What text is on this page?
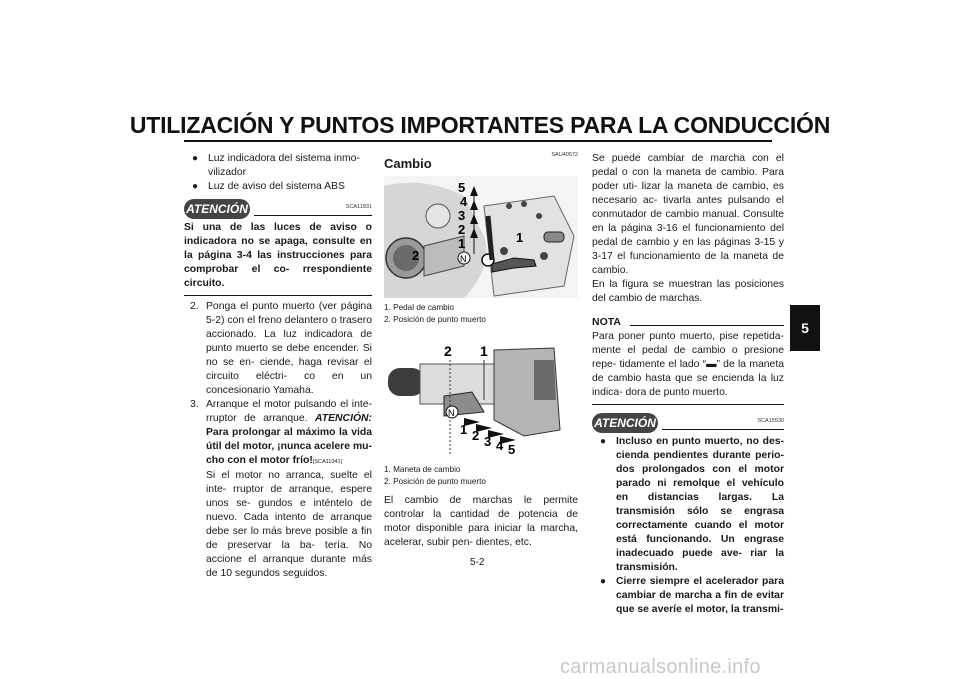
UTILIZACIÓN Y PUNTOS IMPORTANTES PARA LA CONDUCCIÓN
5

● Luz indicadora del sistema inmo- vilizador

● Luz de aviso del sistema ABS

ATENCIÓN	SCA11831

Si una de las luces de aviso o indicadora no se apaga, consulte en la página 3-4 las instrucciones para comprobar el co- rrespondiente circuito.

2. Ponga el punto muerto (ver página 5-2) con el freno delantero o trasero accionado. La luz indicadora de punto muerto se debe encender. Si no se en- ciende, haga revisar el circuito eléctri- co en un concesionario Yamaha.

3. Arranque el motor pulsando el inte- rruptor de arranque. ATENCIÓN: Para prolongar al máximo la vida útil del motor, ¡nunca acelere mu- cho con el motor frío![SCA11041]
Si el motor no arranca, suelte el inte- rruptor de arranque, espere unos se- gundos e inténtelo de nuevo. Cada intento de arranque debe ser lo más breve posible a fin de preservar la ba- tería. No accione el arranque durante más de 10 segundos seguidos.

SAU40572
Cambio
5
4
3
2
1
N
1
2
1. Pedal de cambio
2. Posición de punto muerto
2 1
N
1 2 3 4 5
1. Maneta de cambio
2. Posición de punto muerto
El cambio de marchas le permite controlar la cantidad de potencia de motor disponible para iniciar la marcha, acelerar, subir pen- dientes, etc.

Se puede cambiar de marcha con el pedal o con la maneta de cambio. Para poder uti- lizar la maneta de cambio, es necesario ac- tivarla antes pulsando el conmutador de cambio manual. Consulte en la página 3-16 el funcionamiento del pedal de cambio y en las páginas 3-15 y 3-17 el funcionamiento de la maneta de cambio.

En la figura se muestran las posiciones del cambio de marchas.

NOTA

Para poner punto muerto, pise repetida- mente el pedal de cambio o presione repe- tidamente el lado “▬” de la maneta de cambio hasta que se encienda la luz indica- dora de punto muerto.

ATENCIÓN	SCA15530

● Incluso en punto muerto, no des- cienda pendientes durante perio- dos prolongados con el motor parado ni remolque el vehículo en distancias largas. La transmisión sólo se engrasa correctamente cuando el motor está funcionando. Un engrase inadecuado puede ave- riar la transmisión.

● Cierre siempre el acelerador para cambiar de marcha a fin de evitar que se averíe el motor, la transmi-

5-2
carmanualsonline.info
